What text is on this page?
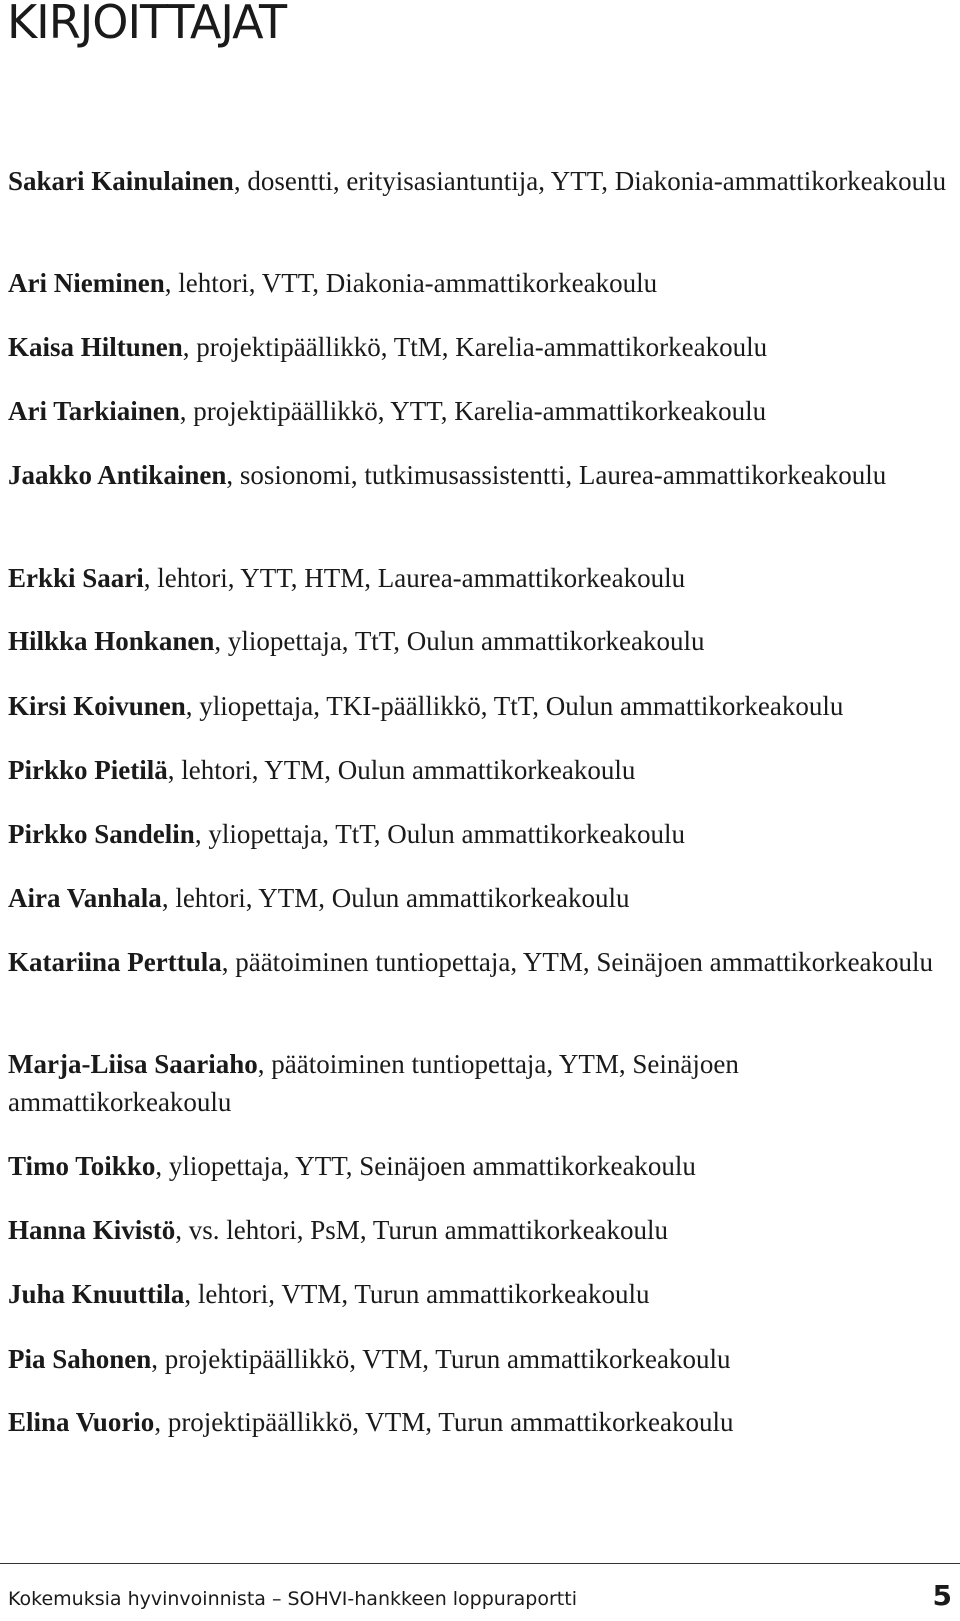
KIRJOITTAJAT
Sakari Kainulainen, dosentti, erityisasiantuntija, YTT, Diakonia-ammattikorkeakoulu
Ari Nieminen, lehtori, VTT, Diakonia-ammattikorkeakoulu
Kaisa Hiltunen, projektipäällikkö, TtM, Karelia-ammattikorkeakoulu
Ari Tarkiainen, projektipäällikkö, YTT, Karelia-ammattikorkeakoulu
Jaakko Antikainen, sosionomi, tutkimusassistentti, Laurea-ammattikorkeakoulu
Erkki Saari, lehtori, YTT, HTM, Laurea-ammattikorkeakoulu
Hilkka Honkanen, yliopettaja, TtT, Oulun ammattikorkeakoulu
Kirsi Koivunen, yliopettaja, TKI-päällikkö, TtT, Oulun ammattikorkeakoulu
Pirkko Pietilä, lehtori, YTM, Oulun ammattikorkeakoulu
Pirkko Sandelin, yliopettaja, TtT, Oulun ammattikorkeakoulu
Aira Vanhala, lehtori, YTM, Oulun ammattikorkeakoulu
Katariina Perttula, päätoiminen tuntiopettaja, YTM, Seinäjoen ammattikorkeakoulu
Marja-Liisa Saariaho, päätoiminen tuntiopettaja, YTM, Seinäjoen ammattikorkeakoulu
Timo Toikko, yliopettaja, YTT, Seinäjoen ammattikorkeakoulu
Hanna Kivistö, vs. lehtori, PsM, Turun ammattikorkeakoulu
Juha Knuuttila, lehtori, VTM, Turun ammattikorkeakoulu
Pia Sahonen, projektipäällikkö, VTM, Turun ammattikorkeakoulu
Elina Vuorio, projektipäällikkö, VTM, Turun ammattikorkeakoulu
Kokemuksia hyvinvoinnista – SOHVI-hankkeen loppuraportti	5
